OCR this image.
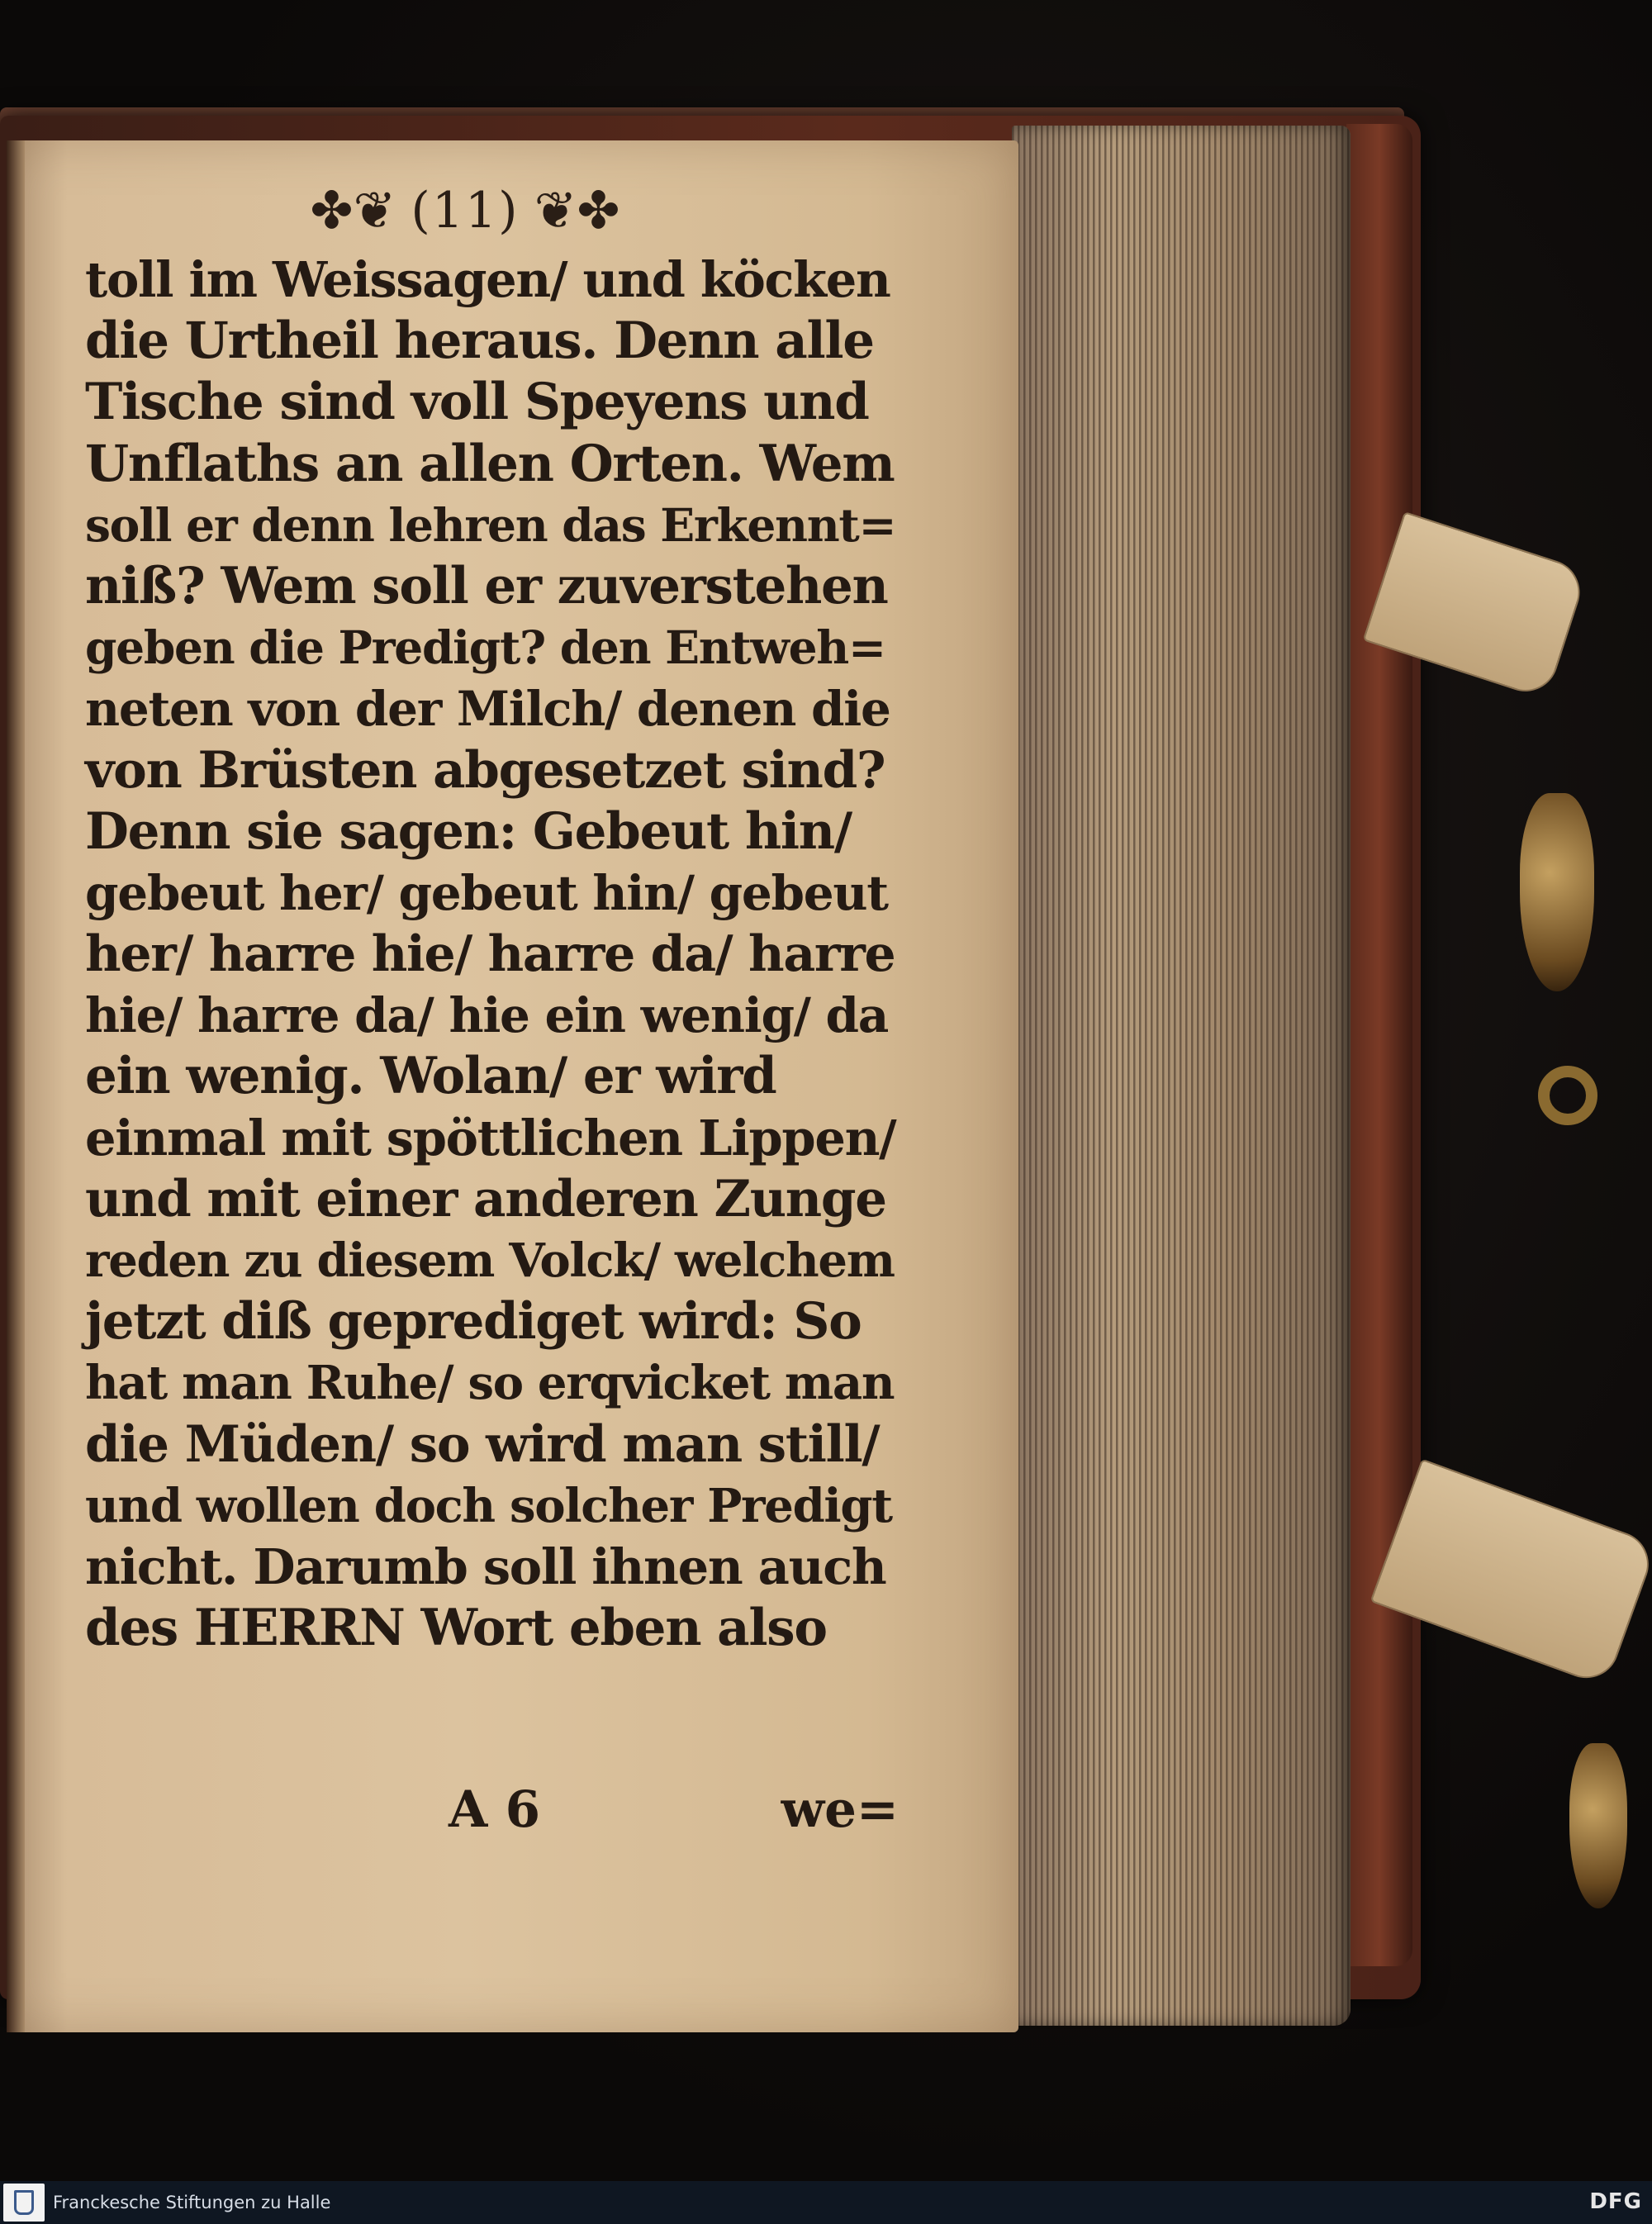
✤❦ (11) ❦✤
toll im Weissagen/ und köcken
die Urtheil heraus. Denn alle
Tische sind voll Speyens und
Unflaths an allen Orten. Wem
soll er denn lehren das Erkennt=
niß? Wem soll er zuverstehen
geben die Predigt? den Entweh=
neten von der Milch/ denen die
von Brüsten abgesetzet sind?
Denn sie sagen: Gebeut hin/
gebeut her/ gebeut hin/ gebeut
her/ harre hie/ harre da/ harre
hie/ harre da/ hie ein wenig/ da
ein wenig. Wolan/ er wird
einmal mit spöttlichen Lippen/
und mit einer anderen Zunge
reden zu diesem Volck/ welchem
jetzt diß geprediget wird: So
hat man Ruhe/ so erqvicket man
die Müden/ so wird man still/
und wollen doch solcher Predigt
nicht. Darumb soll ihnen auch
des HERRN Wort eben also
A 6	we=
Franckesche Stiftungen zu Halle	DFG
